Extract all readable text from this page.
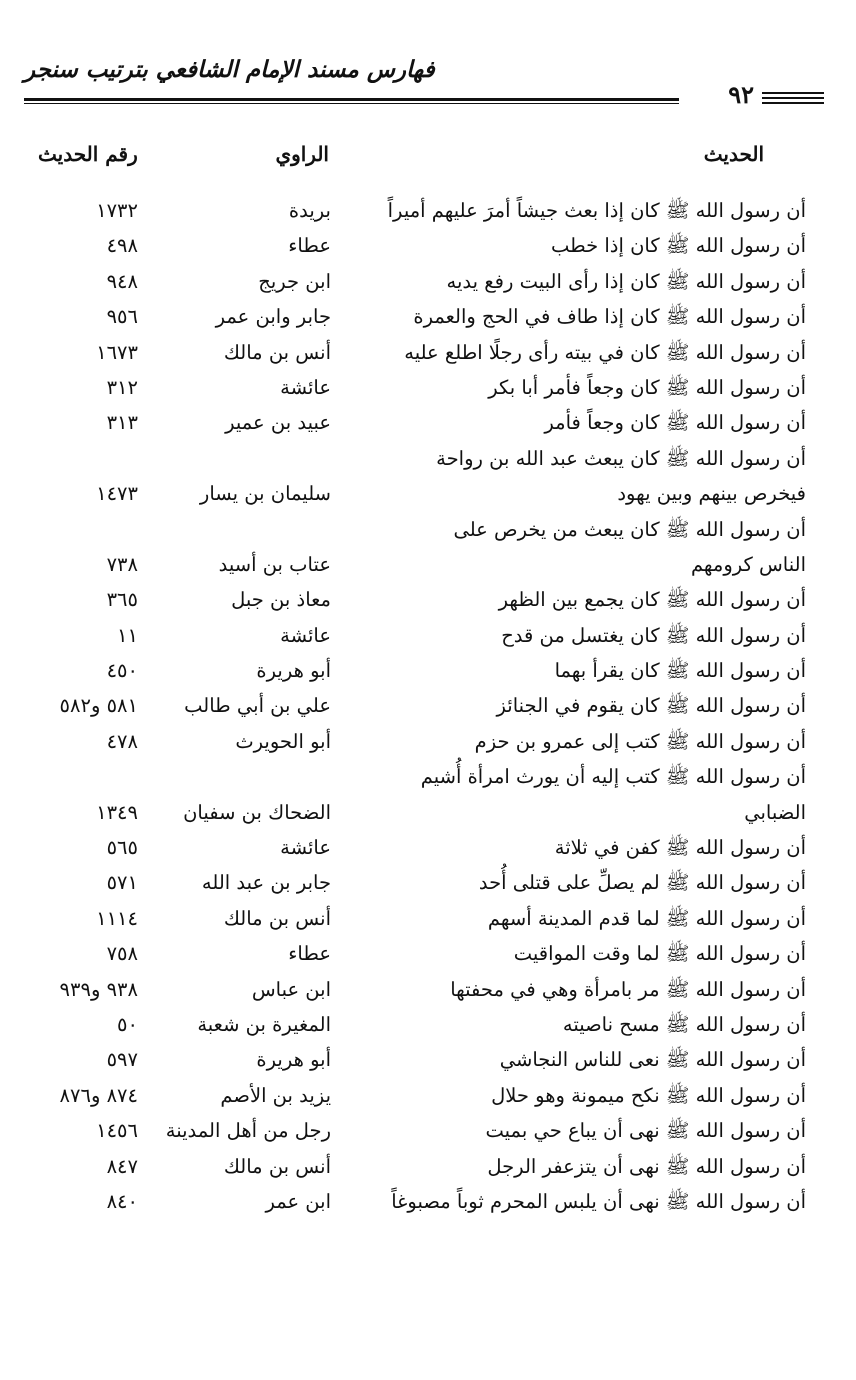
فهارس مسند الإمام الشافعي بترتيب سنجر
٩٢
الحديث
الراوي
رقم الحديث
أن رسول الله ﷺ كان إذا بعث جيشاً أمرَ عليهم أميراً
بريدة
١٧٣٢
أن رسول الله ﷺ كان إذا خطب
عطاء
٤٩٨
أن رسول الله ﷺ كان إذا رأى البيت رفع يديه
ابن جريج
٩٤٨
أن رسول الله ﷺ كان إذا طاف في الحج والعمرة
جابر وابن عمر
٩٥٦
أن رسول الله ﷺ كان في بيته رأى رجلًا اطلع عليه
أنس بن مالك
١٦٧٣
أن رسول الله ﷺ كان وجعاً فأمر أبا بكر
عائشة
٣١٢
أن رسول الله ﷺ كان وجعاً فأمر
عبيد بن عمير
٣١٣
أن رسول الله ﷺ كان يبعث عبد الله بن رواحة
فيخرص بينهم وبين يهود
سليمان بن يسار
١٤٧٣
أن رسول الله ﷺ كان يبعث من يخرص على
الناس كرومهم
عتاب بن أسيد
٧٣٨
أن رسول الله ﷺ كان يجمع بين الظهر
معاذ بن جبل
٣٦٥
أن رسول الله ﷺ كان يغتسل من قدح
عائشة
١١
أن رسول الله ﷺ كان يقرأ بهما
أبو هريرة
٤٥٠
أن رسول الله ﷺ كان يقوم في الجنائز
علي بن أبي طالب
٥٨١ و٥٨٢
أن رسول الله ﷺ كتب إلى عمرو بن حزم
أبو الحويرث
٤٧٨
أن رسول الله ﷺ كتب إليه أن يورث امرأة أُشيم
الضبابي
الضحاك بن سفيان
١٣٤٩
أن رسول الله ﷺ كفن في ثلاثة
عائشة
٥٦٥
أن رسول الله ﷺ لم يصلِّ على قتلى أُحد
جابر بن عبد الله
٥٧١
أن رسول الله ﷺ لما قدم المدينة أسهم
أنس بن مالك
١١١٤
أن رسول الله ﷺ لما وقت المواقيت
عطاء
٧٥٨
أن رسول الله ﷺ مر بامرأة وهي في محفتها
ابن عباس
٩٣٨ و٩٣٩
أن رسول الله ﷺ مسح ناصيته
المغيرة بن شعبة
٥٠
أن رسول الله ﷺ نعى للناس النجاشي
أبو هريرة
٥٩٧
أن رسول الله ﷺ نكح ميمونة وهو حلال
يزيد بن الأصم
٨٧٤ و٨٧٦
أن رسول الله ﷺ نهى أن يباع حي بميت
رجل من أهل المدينة
١٤٥٦
أن رسول الله ﷺ نهى أن يتزعفر الرجل
أنس بن مالك
٨٤٧
أن رسول الله ﷺ نهى أن يلبس المحرم ثوباً مصبوغاً
ابن عمر
٨٤٠
